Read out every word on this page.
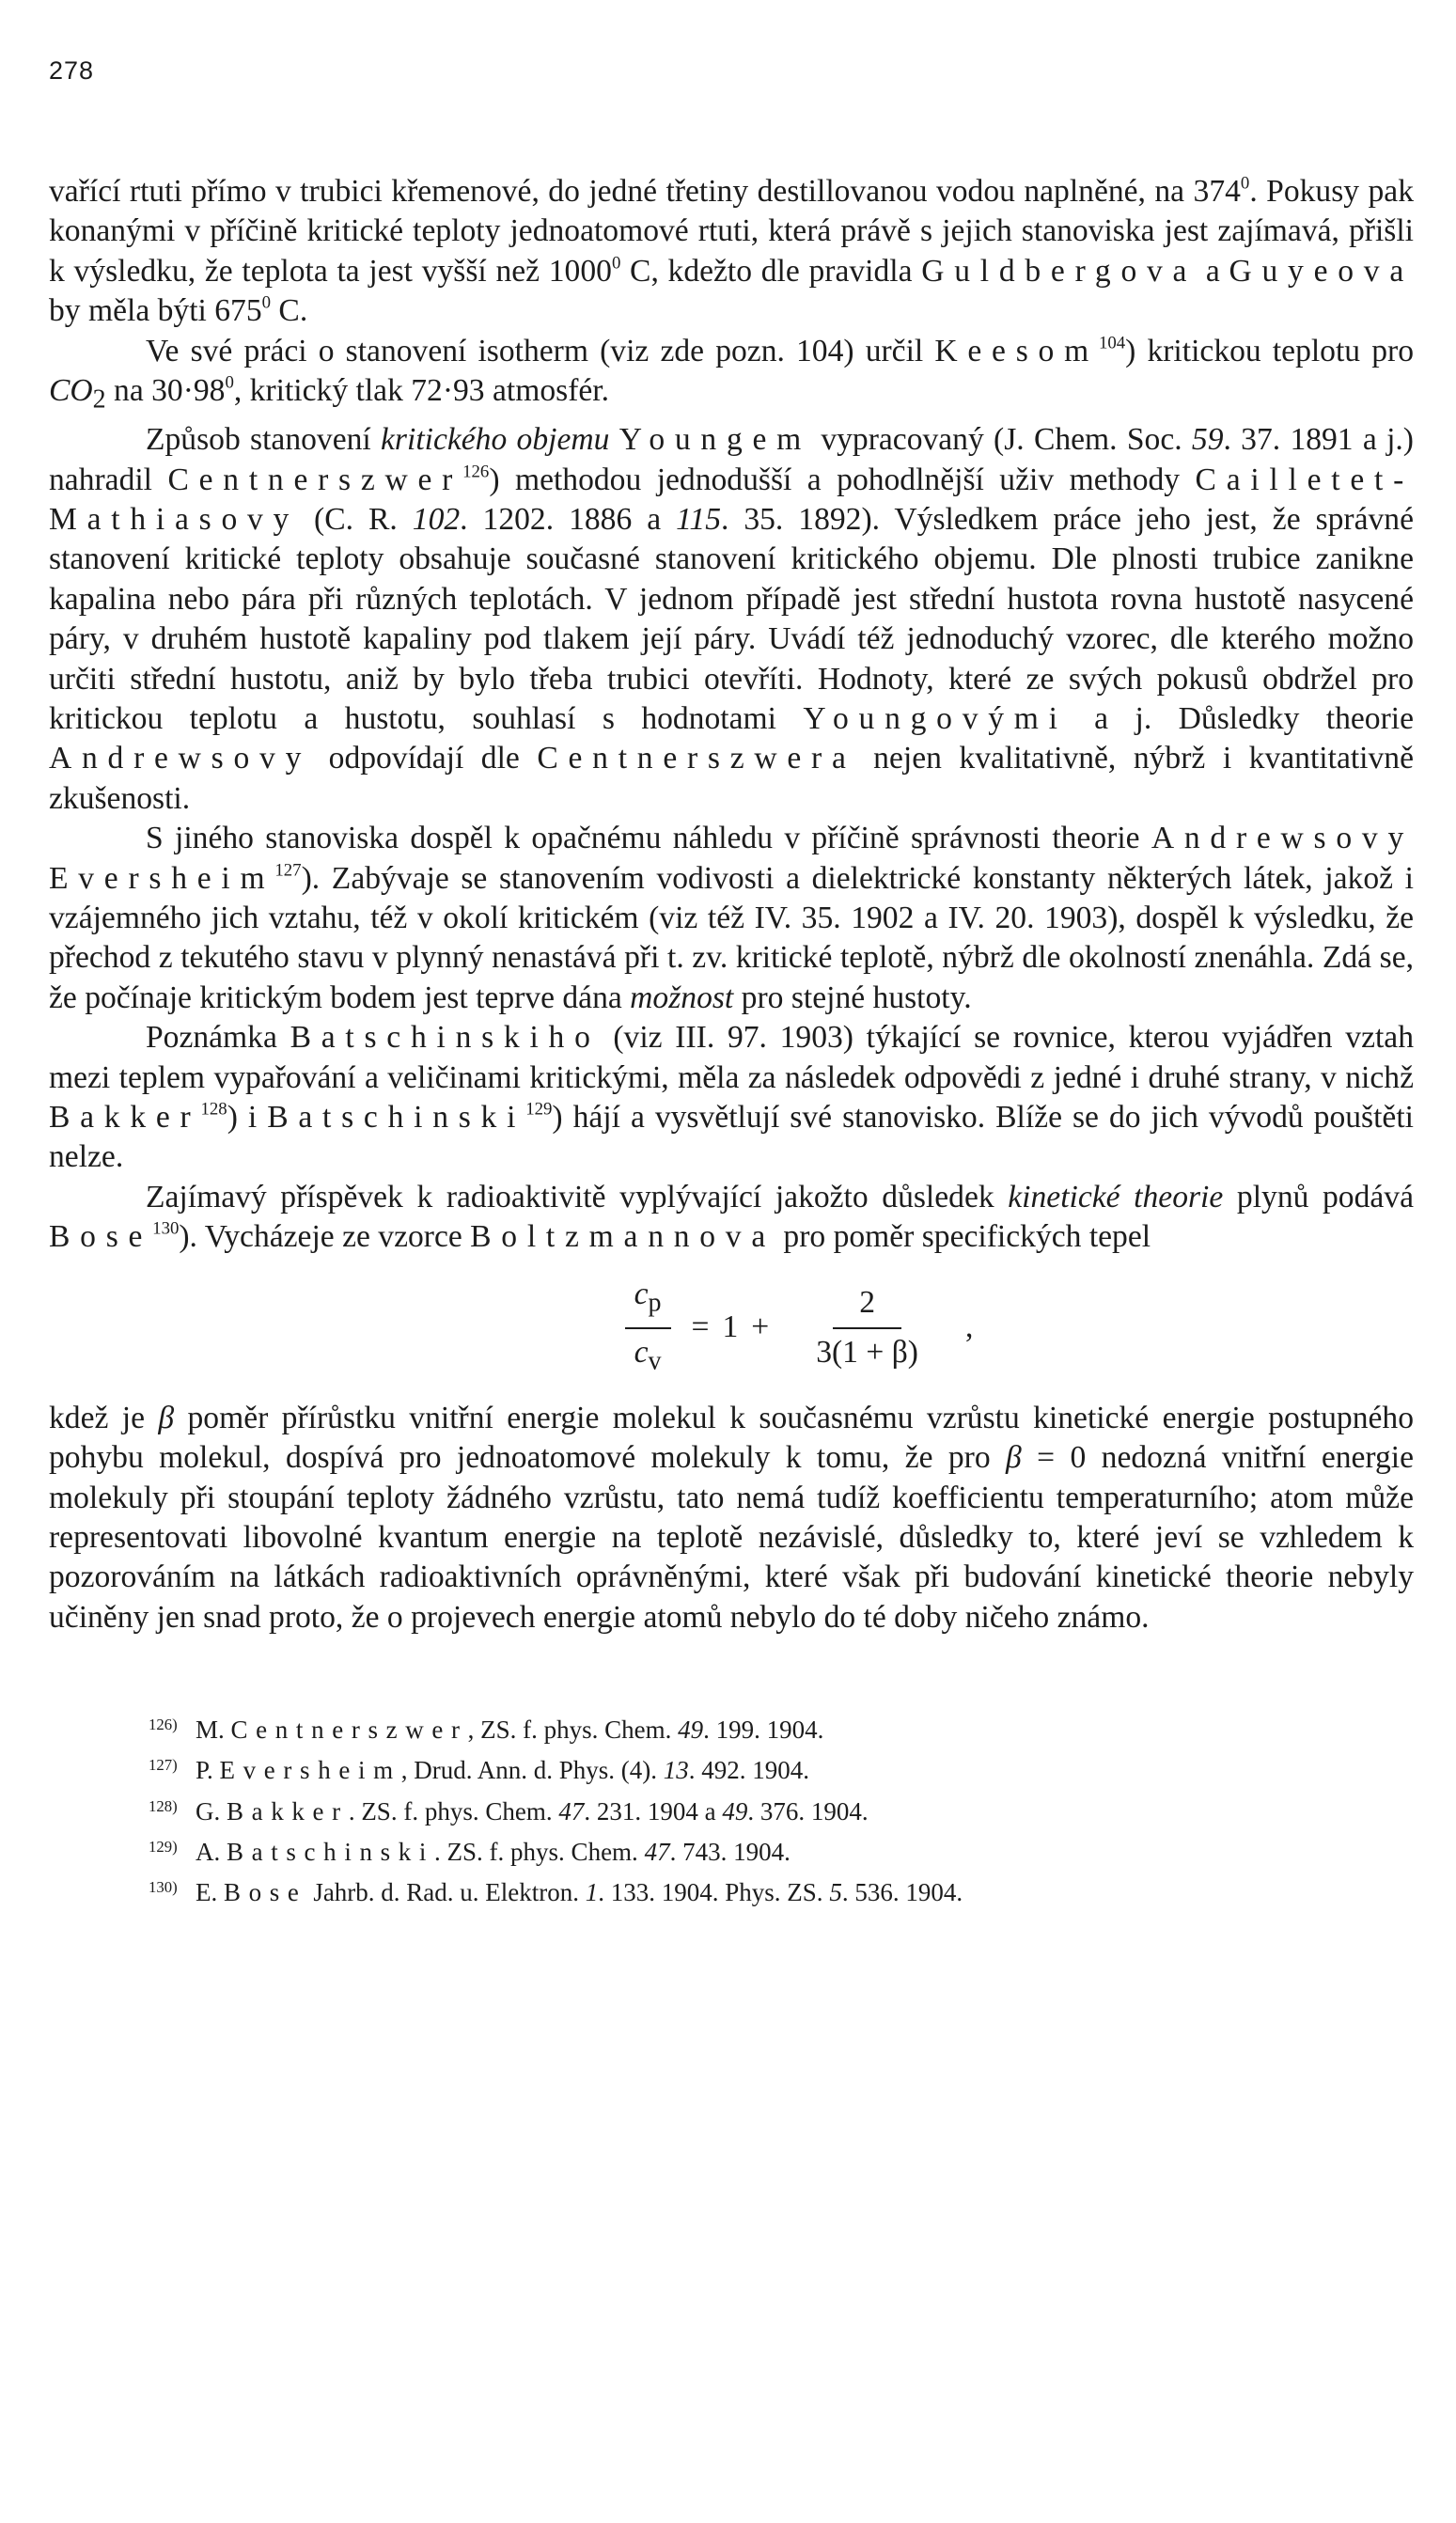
278

vařící rtuti přímo v trubici křemenové, do jedné třetiny destillovanou vodou naplněné, na $374^0$. Pokusy pak konanými v příčině kritické teploty jednoatomové rtuti, která právě s jejich stanoviska jest zajímavá, přišli k výsledku, že teplota ta jest vyšší než 1000$^0$ C, kdežto dle pravidla Guldbergova a Guyeova by měla býti $675^0$ C.

Ve své práci o stanovení isotherm (viz zde pozn. 104) určil Keesom$^{104}$) kritickou teplotu pro $CO_2$ na $30\cdot 98^0$, kritický tlak 72·93 atmosfér.

Způsob stanovení kritického objemu Youngem vypracovaný (J. Chem. Soc. 59. 37. 1891 a j.) nahradil Centnerszwer$^{126}$) methodou jednodušší a pohodlnější uživ methody Cailletet-Mathiasovy (C. R. 102. 1202. 1886 a 115. 35. 1892). Výsledkem práce jeho jest, že správné stanovení kritické teploty obsahuje současné stanovení kritického objemu. Dle plnosti trubice zanikne kapalina nebo pára při různých teplotách. V jednom případě jest střední hustota rovna hustotě nasycené páry, v druhém hustotě kapaliny pod tlakem její páry. Uvádí též jednoduchý vzorec, dle kterého možno určiti střední hustotu, aniž by bylo třeba trubici otevříti. Hodnoty, které ze svých pokusů obdržel pro kritickou teplotu a hustotu, souhlasí s hodnotami Youngovými a j. Důsledky theorie Andrewsovy odpovídají dle Centnerszwera nejen kvalitativně, nýbrž i kvantitativně zkušenosti.

S jiného stanoviska dospěl k opačnému náhledu v příčině správnosti theorie Andrewsovy Eversheim$^{127}$). Zabývaje se stanovením vodivosti a dielektrické konstanty některých látek, jakož i vzájemného jich vztahu, též v okolí kritickém (viz též IV. 35. 1902 a IV. 20. 1903), dospěl k výsledku, že přechod z tekutého stavu v plynný nenastává při t. zv. kritické teplotě, nýbrž dle okolností znenáhla. Zdá se, že počínaje kritickým bodem jest teprve dána možnost pro stejné hustoty.

Poznámka Batschinskiho (viz III. 97. 1903) týkající se rovnice, kterou vyjádřen vztah mezi teplem vypařování a veličinami kritickými, měla za následek odpovědi z jedné i druhé strany, v nichž Bakker$^{128}$) i Batschinski$^{129}$) hájí a vysvětlují své stanovisko. Blíže se do jich vývodů pouštěti nelze.

Zajímavý příspěvek k radioaktivitě vyplývající jakožto důsledek kinetické theorie plynů podává Bose$^{130}$). Vycházeje ze vzorce Boltzmannova pro poměr specifických tepel

$\frac{c_p}{c_v} = 1 + \frac{2}{3(1 + \beta)}$ ,

kdež je β poměr přírůstku vnitřní energie molekul k současnému vzrůstu kinetické energie postupného pohybu molekul, dospívá pro jednoatomové molekuly k tomu, že pro β = 0 nedozná vnitřní energie molekuly při stoupání teploty žádného vzrůstu, tato nemá tudíž koefficientu temperaturního; atom může representovati libovolné kvantum energie na teplotě nezávislé, důsledky to, které jeví se vzhledem k pozorováním na látkách radioaktivních oprávněnými, které však při budování kinetické theorie nebyly učiněny jen snad proto, že o projevech energie atomů nebylo do té doby ničeho známo.

126) M. Centnerszwer, ZS. f. phys. Chem. 49. 199. 1904.
127) P. Eversheim, Drud. Ann. d. Phys. (4). 13. 492. 1904.
128) G. Bakker. ZS. f. phys. Chem. 47. 231. 1904 a 49. 376. 1904.
129) A. Batschinski. ZS. f. phys. Chem. 47. 743. 1904.
130) E. Bose Jahrb. d. Rad. u. Elektron. 1. 133. 1904. Phys. ZS. 5. 536. 1904.
